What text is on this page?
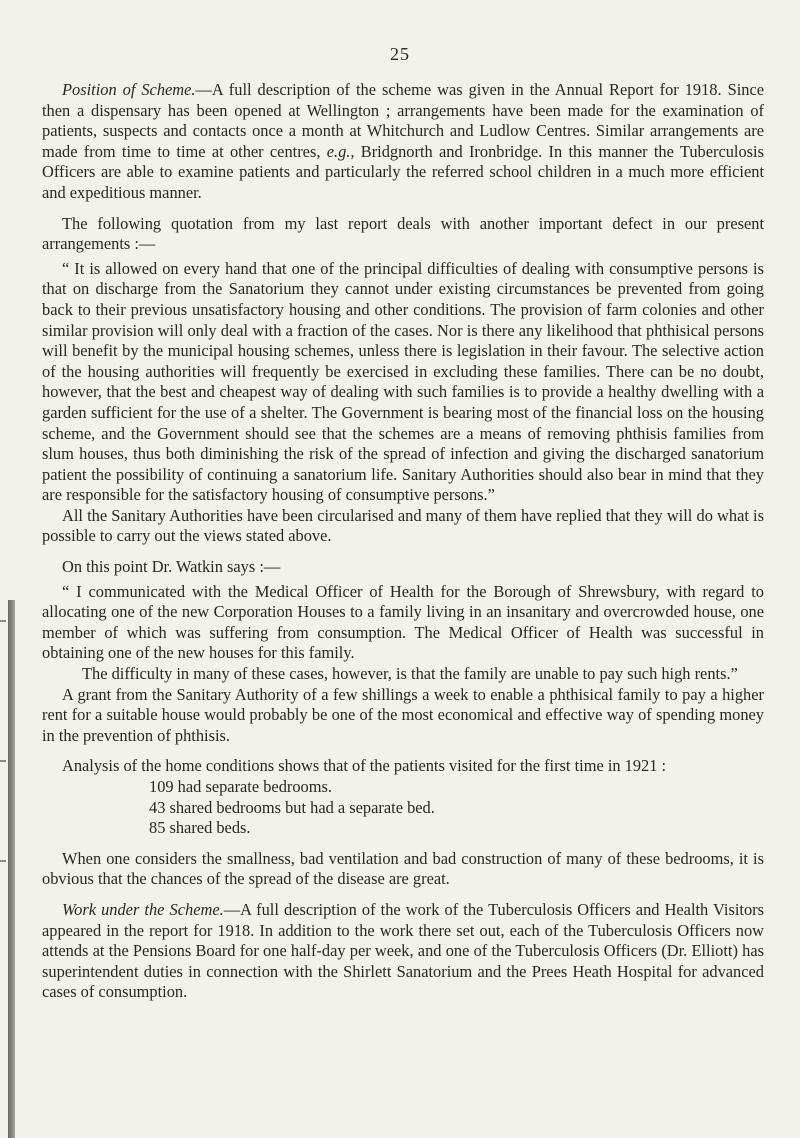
25

Position of Scheme.—A full description of the scheme was given in the Annual Report for 1918. Since then a dispensary has been opened at Wellington ; arrangements have been made for the examination of patients, suspects and contacts once a month at Whitchurch and Ludlow Centres. Similar arrangements are made from time to time at other centres, e.g., Bridgnorth and Ironbridge. In this manner the Tuberculosis Officers are able to examine patients and particularly the referred school children in a much more efficient and expeditious manner.

The following quotation from my last report deals with another important defect in our present arrangements :—

“ It is allowed on every hand that one of the principal difficulties of dealing with consumptive persons is that on discharge from the Sanatorium they cannot under existing circumstances be prevented from going back to their previous unsatisfactory housing and other conditions. The provision of farm colonies and other similar provision will only deal with a fraction of the cases. Nor is there any likelihood that phthisical persons will benefit by the municipal housing schemes, unless there is legislation in their favour. The selective action of the housing authorities will frequently be exercised in excluding these families. There can be no doubt, however, that the best and cheapest way of dealing with such families is to provide a healthy dwelling with a garden sufficient for the use of a shelter. The Government is bearing most of the financial loss on the housing scheme, and the Government should see that the schemes are a means of removing phthisis families from slum houses, thus both diminishing the risk of the spread of infection and giving the discharged sanatorium patient the possibility of continuing a sanatorium life. Sanitary Authorities should also bear in mind that they are responsible for the satisfactory housing of consumptive persons.”

All the Sanitary Authorities have been circularised and many of them have replied that they will do what is possible to carry out the views stated above.

On this point Dr. Watkin says :—

“ I communicated with the Medical Officer of Health for the Borough of Shrewsbury, with regard to allocating one of the new Corporation Houses to a family living in an insanitary and overcrowded house, one member of which was suffering from consumption. The Medical Officer of Health was successful in obtaining one of the new houses for this family.

The difficulty in many of these cases, however, is that the family are unable to pay such high rents.”

A grant from the Sanitary Authority of a few shillings a week to enable a phthisical family to pay a higher rent for a suitable house would probably be one of the most economical and effective way of spending money in the prevention of phthisis.

Analysis of the home conditions shows that of the patients visited for the first time in 1921 :

109 had separate bedrooms.
43 shared bedrooms but had a separate bed.
85 shared beds.

When one considers the smallness, bad ventilation and bad construction of many of these bedrooms, it is obvious that the chances of the spread of the disease are great.

Work under the Scheme.—A full description of the work of the Tuberculosis Officers and Health Visitors appeared in the report for 1918. In addition to the work there set out, each of the Tuberculosis Officers now attends at the Pensions Board for one half-day per week, and one of the Tuberculosis Officers (Dr. Elliott) has superintendent duties in connection with the Shirlett Sanatorium and the Prees Heath Hospital for advanced cases of consumption.
